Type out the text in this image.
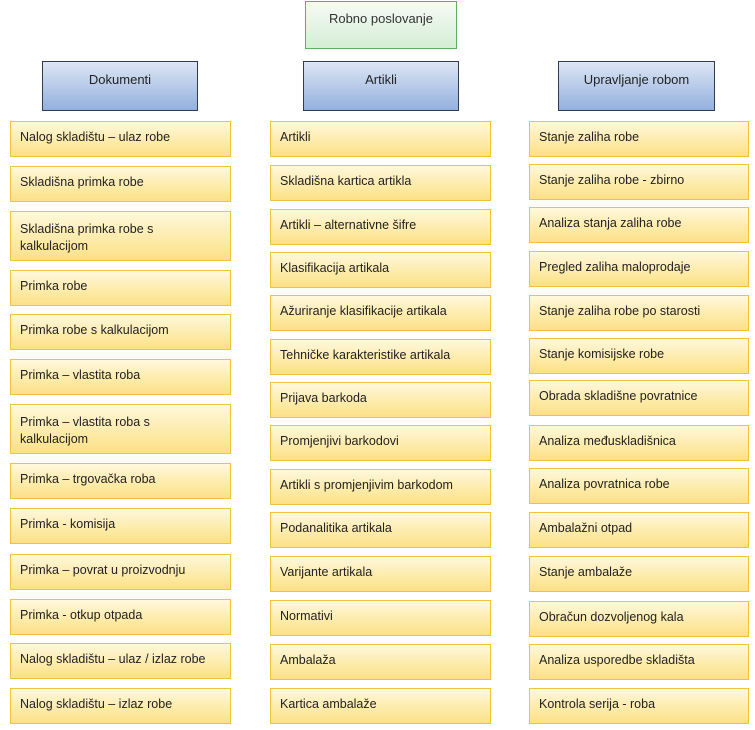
Robno poslovanje
Dokumenti	Artikli	Upravljanje robom
Nalog skladištu – ulaz robe
Skladišna primka robe
Skladišna primka robe s kalkulacijom
Primka robe
Primka robe s kalkulacijom
Primka – vlastita roba
Primka – vlastita roba s kalkulacijom
Primka – trgovačka roba
Primka - komisija
Primka – povrat u proizvodnju
Primka - otkup otpada
Nalog skladištu – ulaz / izlaz robe
Nalog skladištu – izlaz robe
Artikli
Skladišna kartica artikla
Artikli – alternativne šifre
Klasifikacija artikala
Ažuriranje klasifikacije artikala
Tehničke karakteristike artikala
Prijava barkoda
Promjenjivi barkodovi
Artikli s promjenjivim barkodom
Podanalitika artikala
Varijante artikala
Normativi
Ambalaža
Kartica ambalaže
Stanje zaliha robe
Stanje zaliha robe - zbirno
Analiza stanja zaliha robe
Pregled zaliha maloprodaje
Stanje zaliha robe po starosti
Stanje komisijske robe
Obrada skladišne povratnice
Analiza međuskladišnica
Analiza povratnica robe
Ambalažni otpad
Stanje ambalaže
Obračun dozvoljenog kala
Analiza usporedbe skladišta
Kontrola serija - roba
